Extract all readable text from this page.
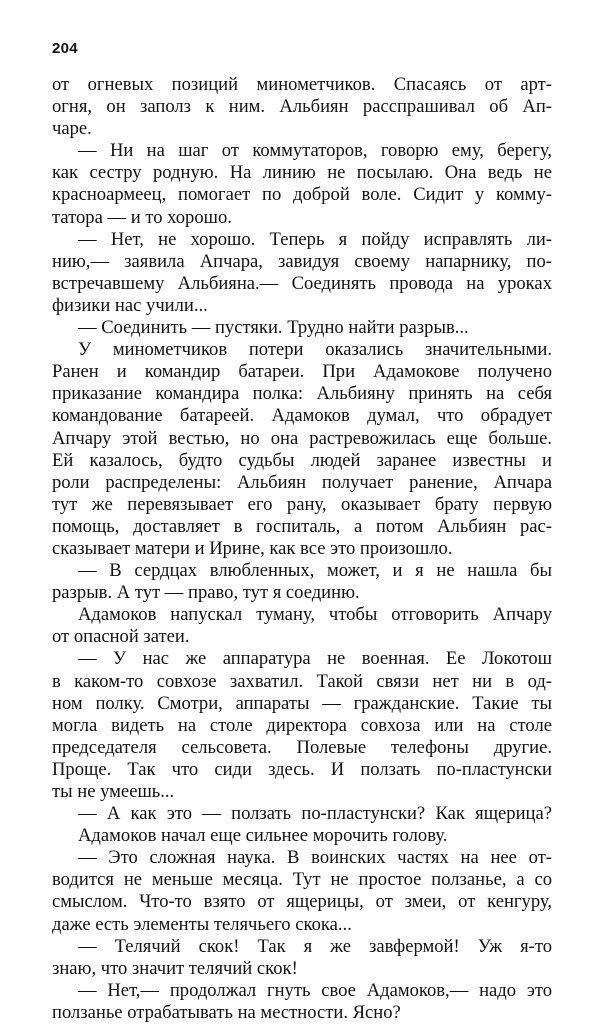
204
от огневых позиций минометчиков. Спасаясь от арт-
огня, он заполз к ним. Альбиян расспрашивал об Ап-
чаре.
— Ни на шаг от коммутаторов, говорю ему, берегу,
как сестру родную. На линию не посылаю. Она ведь не
красноармеец, помогает по доброй воле. Сидит у комму-
татора — и то хорошо.
— Нет, не хорошо. Теперь я пойду исправлять ли-
нию,— заявила Апчара, завидуя своему напарнику, по-
встречавшему Альбияна.— Соединять провода на уроках
физики нас учили...
— Соединить — пустяки. Трудно найти разрыв...
У минометчиков потери оказались значительными.
Ранен и командир батареи. При Адамокове получено
приказание командира полка: Альбияну принять на себя
командование батареей. Адамоков думал, что обрадует
Апчару этой вестью, но она растревожилась еще больше.
Ей казалось, будто судьбы людей заранее известны и
роли распределены: Альбиян получает ранение, Апчара
тут же перевязывает его рану, оказывает брату первую
помощь, доставляет в госпиталь, а потом Альбиян рас-
сказывает матери и Ирине, как все это произошло.
— В сердцах влюбленных, может, и я не нашла бы
разрыв. А тут — право, тут я соединю.
Адамоков напускал туману, чтобы отговорить Апчару
от опасной затеи.
— У нас же аппаратура не военная. Ее Локотош
в каком-то совхозе захватил. Такой связи нет ни в од-
ном полку. Смотри, аппараты — гражданские. Такие ты
могла видеть на столе директора совхоза или на столе
председателя сельсовета. Полевые телефоны другие.
Проще. Так что сиди здесь. И ползать по-пластунски
ты не умеешь...
— А как это — ползать по-пластунски? Как ящерица?
Адамоков начал еще сильнее морочить голову.
— Это сложная наука. В воинских частях на нее от-
водится не меньше месяца. Тут не простое ползанье, а со
смыслом. Что-то взято от ящерицы, от змеи, от кенгуру,
даже есть элементы телячьего скока...
— Телячий скок! Так я же завфермой! Уж я-то
знаю, что значит телячий скок!
— Нет,— продолжал гнуть свое Адамоков,— надо это
ползанье отрабатывать на местности. Ясно?
